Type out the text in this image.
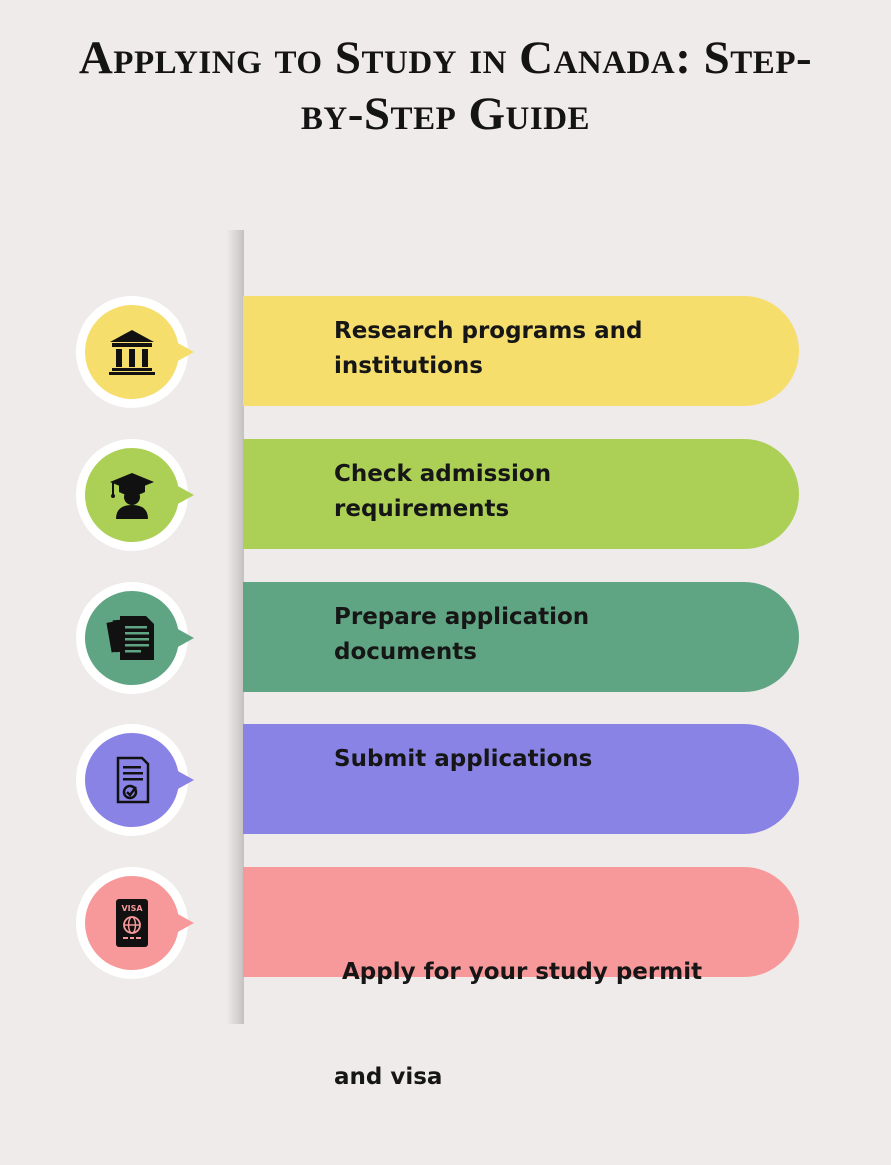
Applying to Study in Canada: Step-
by-Step Guide
Research programs and
institutions
Check admission
requirements
Prepare application
documents
Submit applications

Apply for your study permit

and visa

VISA
